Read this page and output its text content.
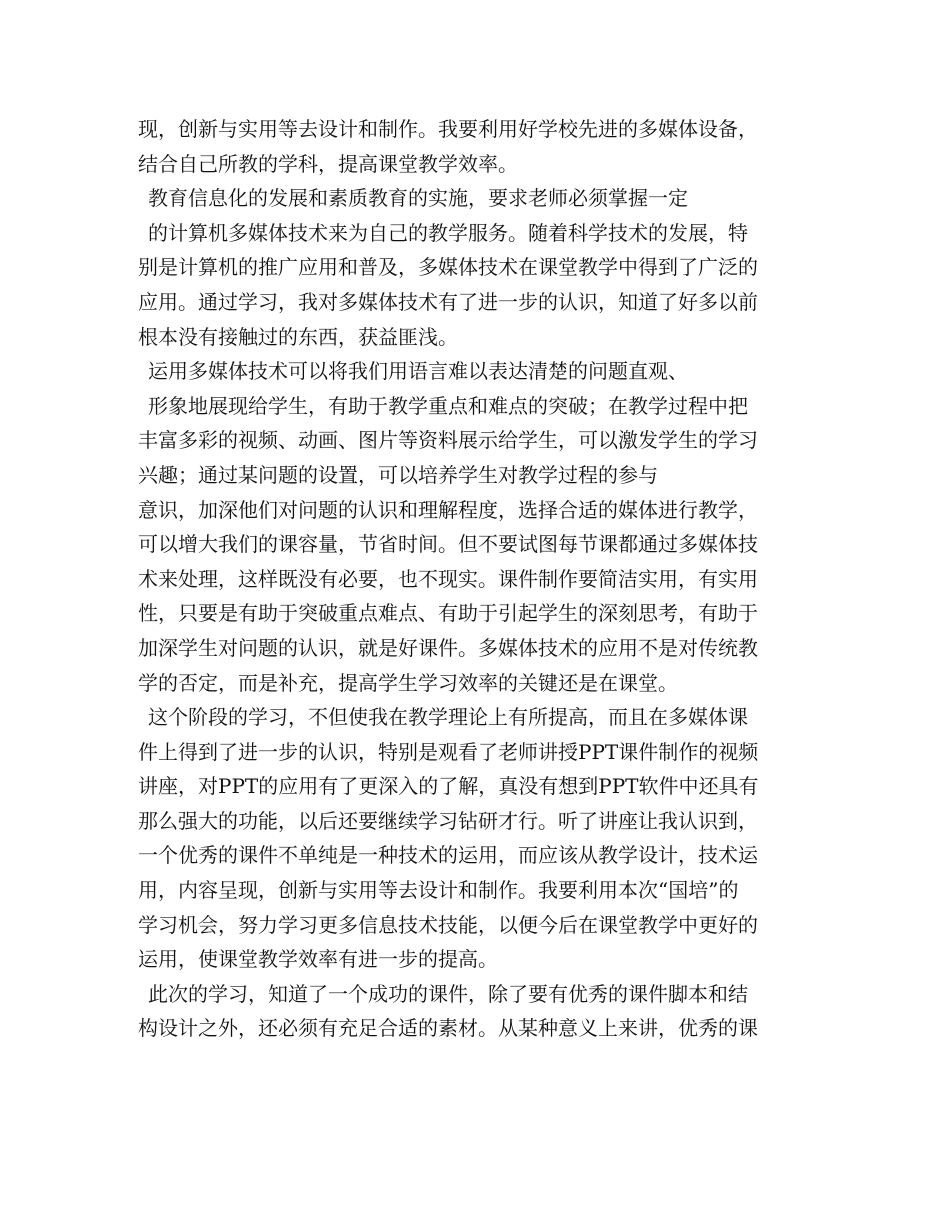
现，创新与实用等去设计和制作。我要利用好学校先进的多媒体设备，
结合自己所教的学科，提高课堂教学效率。
教育信息化的发展和素质教育的实施，要求老师必须掌握一定
的计算机多媒体技术来为自己的教学服务。随着科学技术的发展，特
别是计算机的推广应用和普及，多媒体技术在课堂教学中得到了广泛的
应用。通过学习，我对多媒体技术有了进一步的认识，知道了好多以前
根本没有接触过的东西，获益匪浅。
运用多媒体技术可以将我们用语言难以表达清楚的问题直观、
形象地展现给学生，有助于教学重点和难点的突破；在教学过程中把
丰富多彩的视频、动画、图片等资料展示给学生，可以激发学生的学习
兴趣；通过某问题的设置，可以培养学生对教学过程的参与
意识，加深他们对问题的认识和理解程度，选择合适的媒体进行教学，
可以增大我们的课容量，节省时间。但不要试图每节课都通过多媒体技
术来处理，这样既没有必要，也不现实。课件制作要简洁实用，有实用
性，只要是有助于突破重点难点、有助于引起学生的深刻思考，有助于
加深学生对问题的认识，就是好课件。多媒体技术的应用不是对传统教
学的否定，而是补充，提高学生学习效率的关键还是在课堂。
这个阶段的学习，不但使我在教学理论上有所提高，而且在多媒体课
件上得到了进一步的认识，特别是观看了老师讲授PPT课件制作的视频
讲座，对PPT的应用有了更深入的了解，真没有想到PPT软件中还具有
那么强大的功能，以后还要继续学习钻研才行。听了讲座让我认识到，
一个优秀的课件不单纯是一种技术的运用，而应该从教学设计，技术运
用，内容呈现，创新与实用等去设计和制作。我要利用本次“国培”的
学习机会，努力学习更多信息技术技能，以便今后在课堂教学中更好的
运用，使课堂教学效率有进一步的提高。
此次的学习，知道了一个成功的课件，除了要有优秀的课件脚本和结
构设计之外，还必须有充足合适的素材。从某种意义上来讲，优秀的课
